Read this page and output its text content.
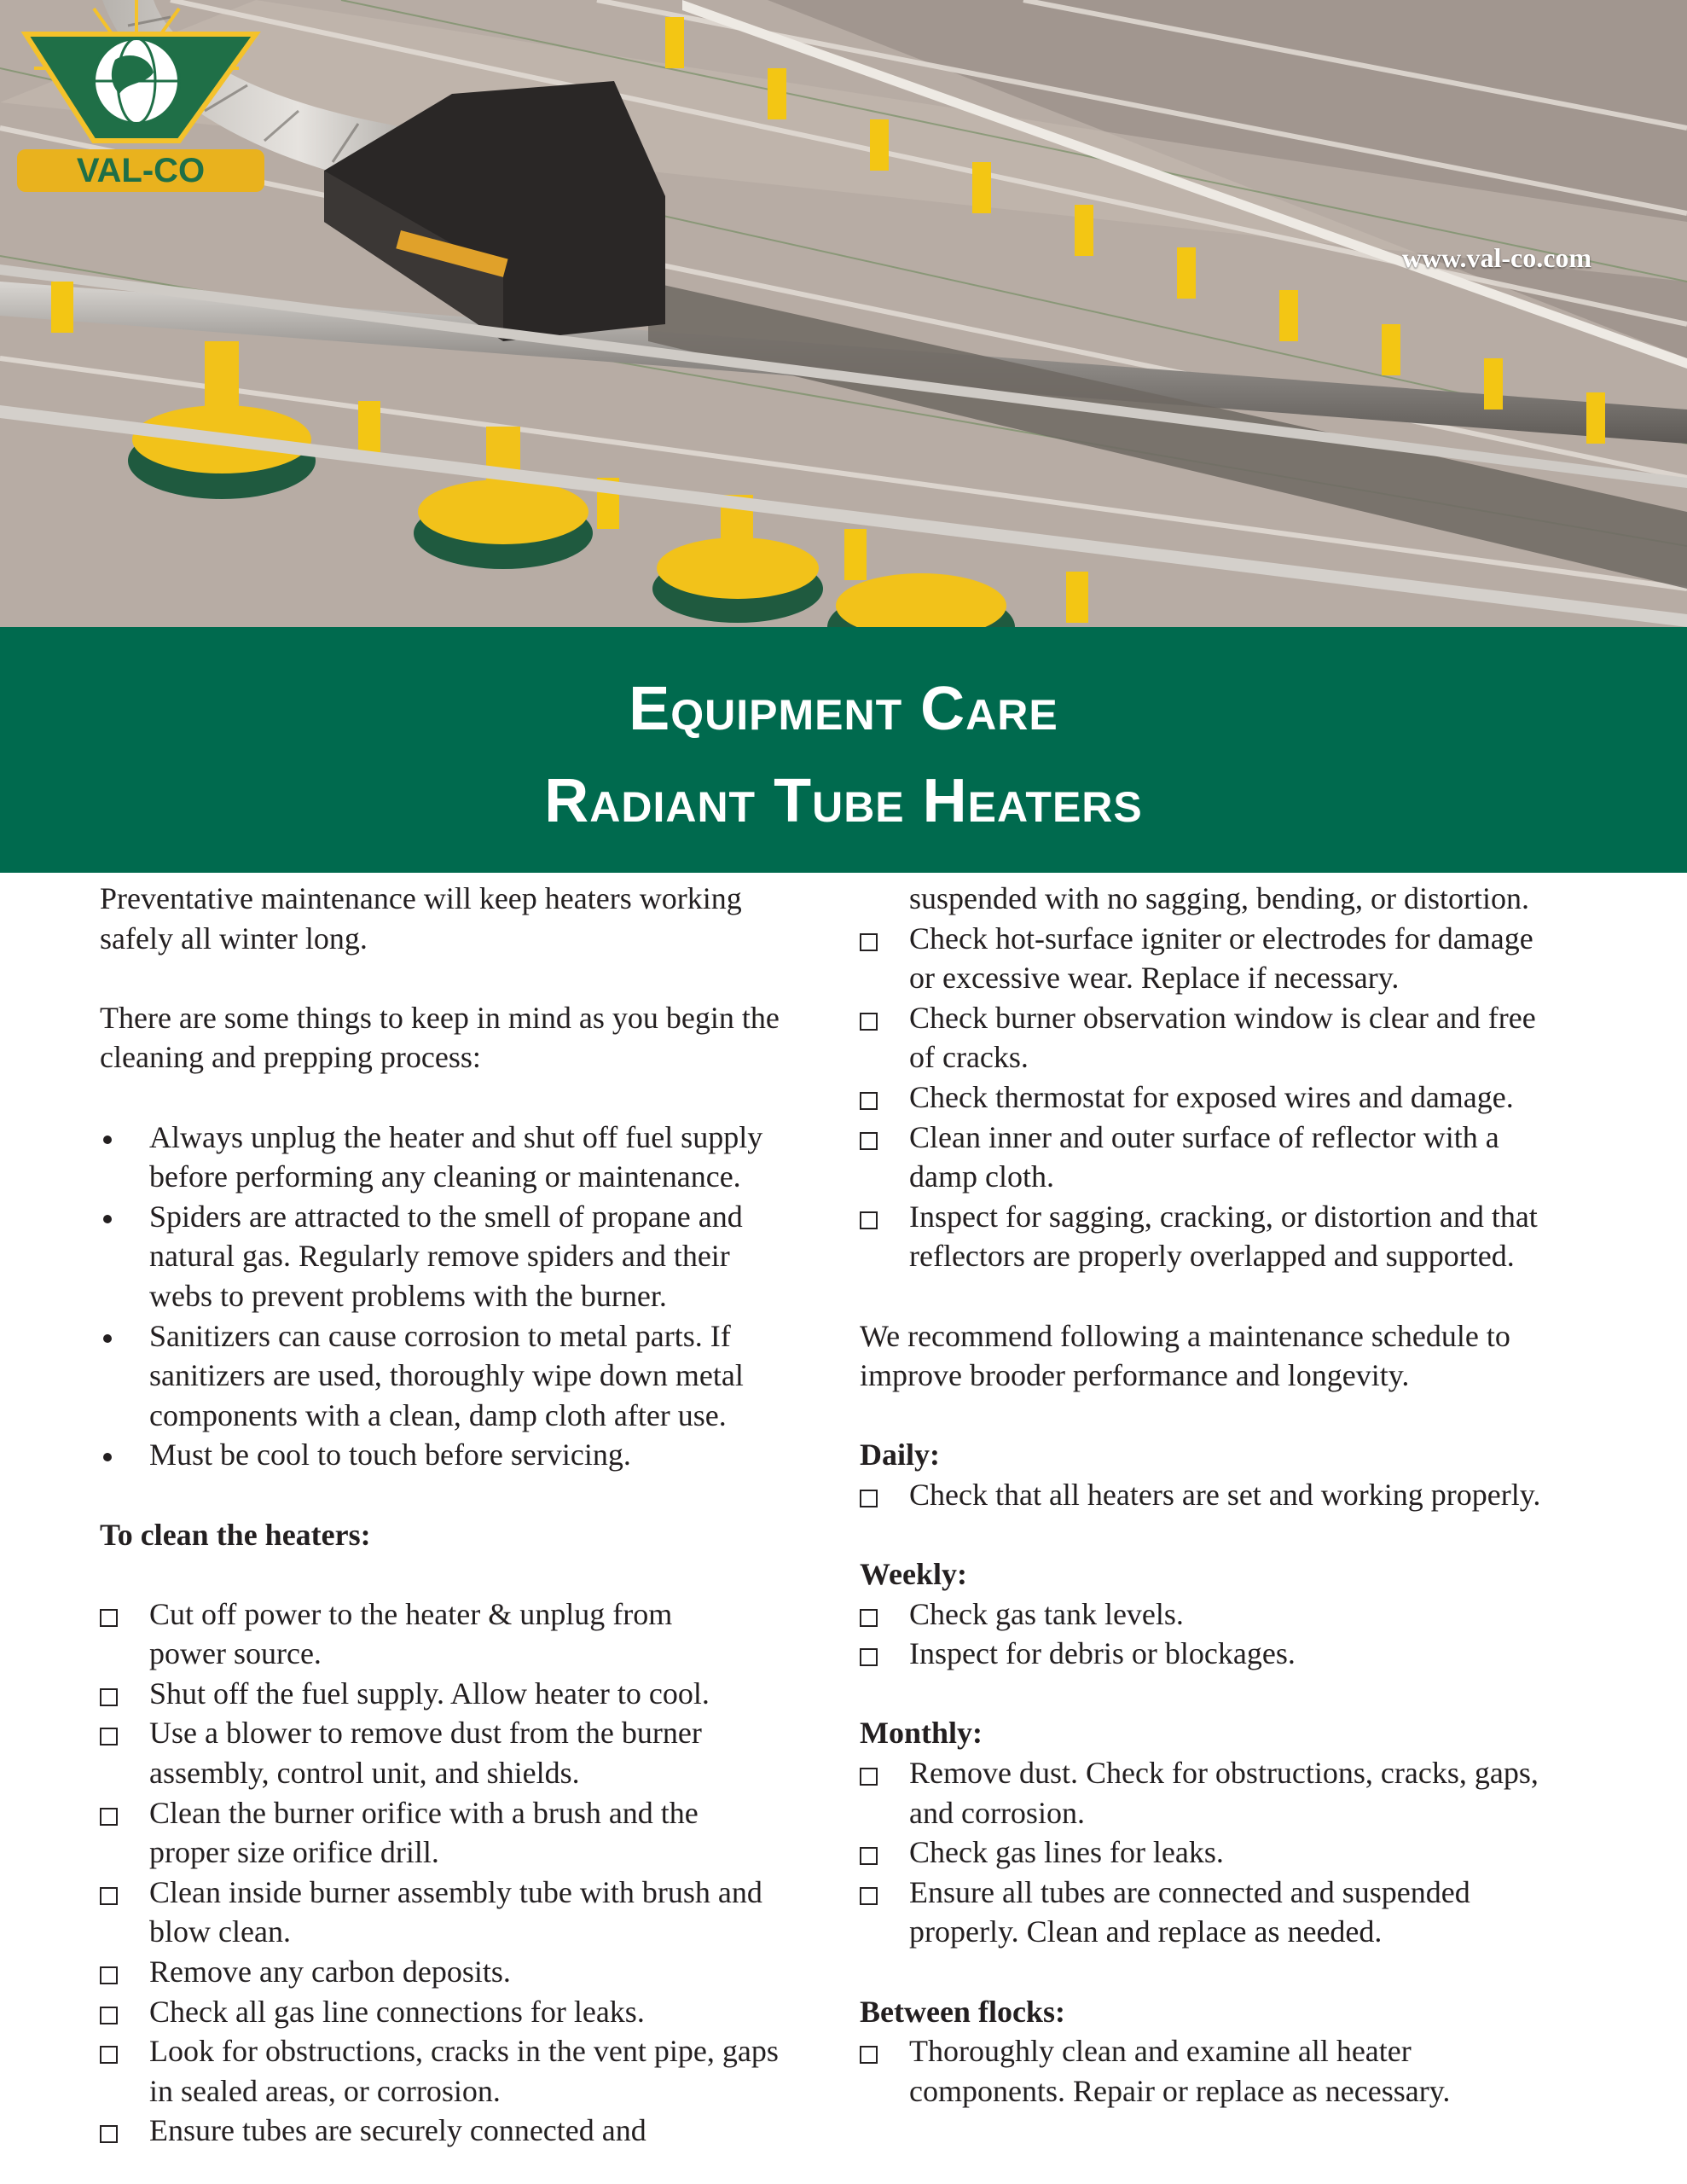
VAL-CO
www.val-co.com
Equipment Care
Radiant Tube Heaters
Preventative maintenance will keep heaters working
safely all winter long.
There are some things to keep in mind as you begin the
cleaning and prepping process:
Always unplug the heater and shut off fuel supply
before performing any cleaning or maintenance.
Spiders are attracted to the smell of propane and
natural gas. Regularly remove spiders and their
webs to prevent problems with the burner.
Sanitizers can cause corrosion to metal parts. If
sanitizers are used, thoroughly wipe down metal
components with a clean, damp cloth after use.
Must be cool to touch before servicing.
To clean the heaters:
Cut off power to the heater & unplug from
power source.
Shut off the fuel supply. Allow heater to cool.
Use a blower to remove dust from the burner
assembly, control unit, and shields.
Clean the burner orifice with a brush and the
proper size orifice drill.
Clean inside burner assembly tube with brush and
blow clean.
Remove any carbon deposits.
Check all gas line connections for leaks.
Look for obstructions, cracks in the vent pipe, gaps
in sealed areas, or corrosion.
Ensure tubes are securely connected and
suspended with no sagging, bending, or distortion.
Check hot-surface igniter or electrodes for damage
or excessive wear. Replace if necessary.
Check burner observation window is clear and free
of cracks.
Check thermostat for exposed wires and damage.
Clean inner and outer surface of reflector with a
damp cloth.
Inspect for sagging, cracking, or distortion and that
reflectors are properly overlapped and supported.
We recommend following a maintenance schedule to
improve brooder performance and longevity.
Daily:
Check that all heaters are set and working properly.
Weekly:
Check gas tank levels.
Inspect for debris or blockages.
Monthly:
Remove dust. Check for obstructions, cracks, gaps,
and corrosion.
Check gas lines for leaks.
Ensure all tubes are connected and suspended
properly. Clean and replace as needed.
Between flocks:
Thoroughly clean and examine all heater
components. Repair or replace as necessary.
